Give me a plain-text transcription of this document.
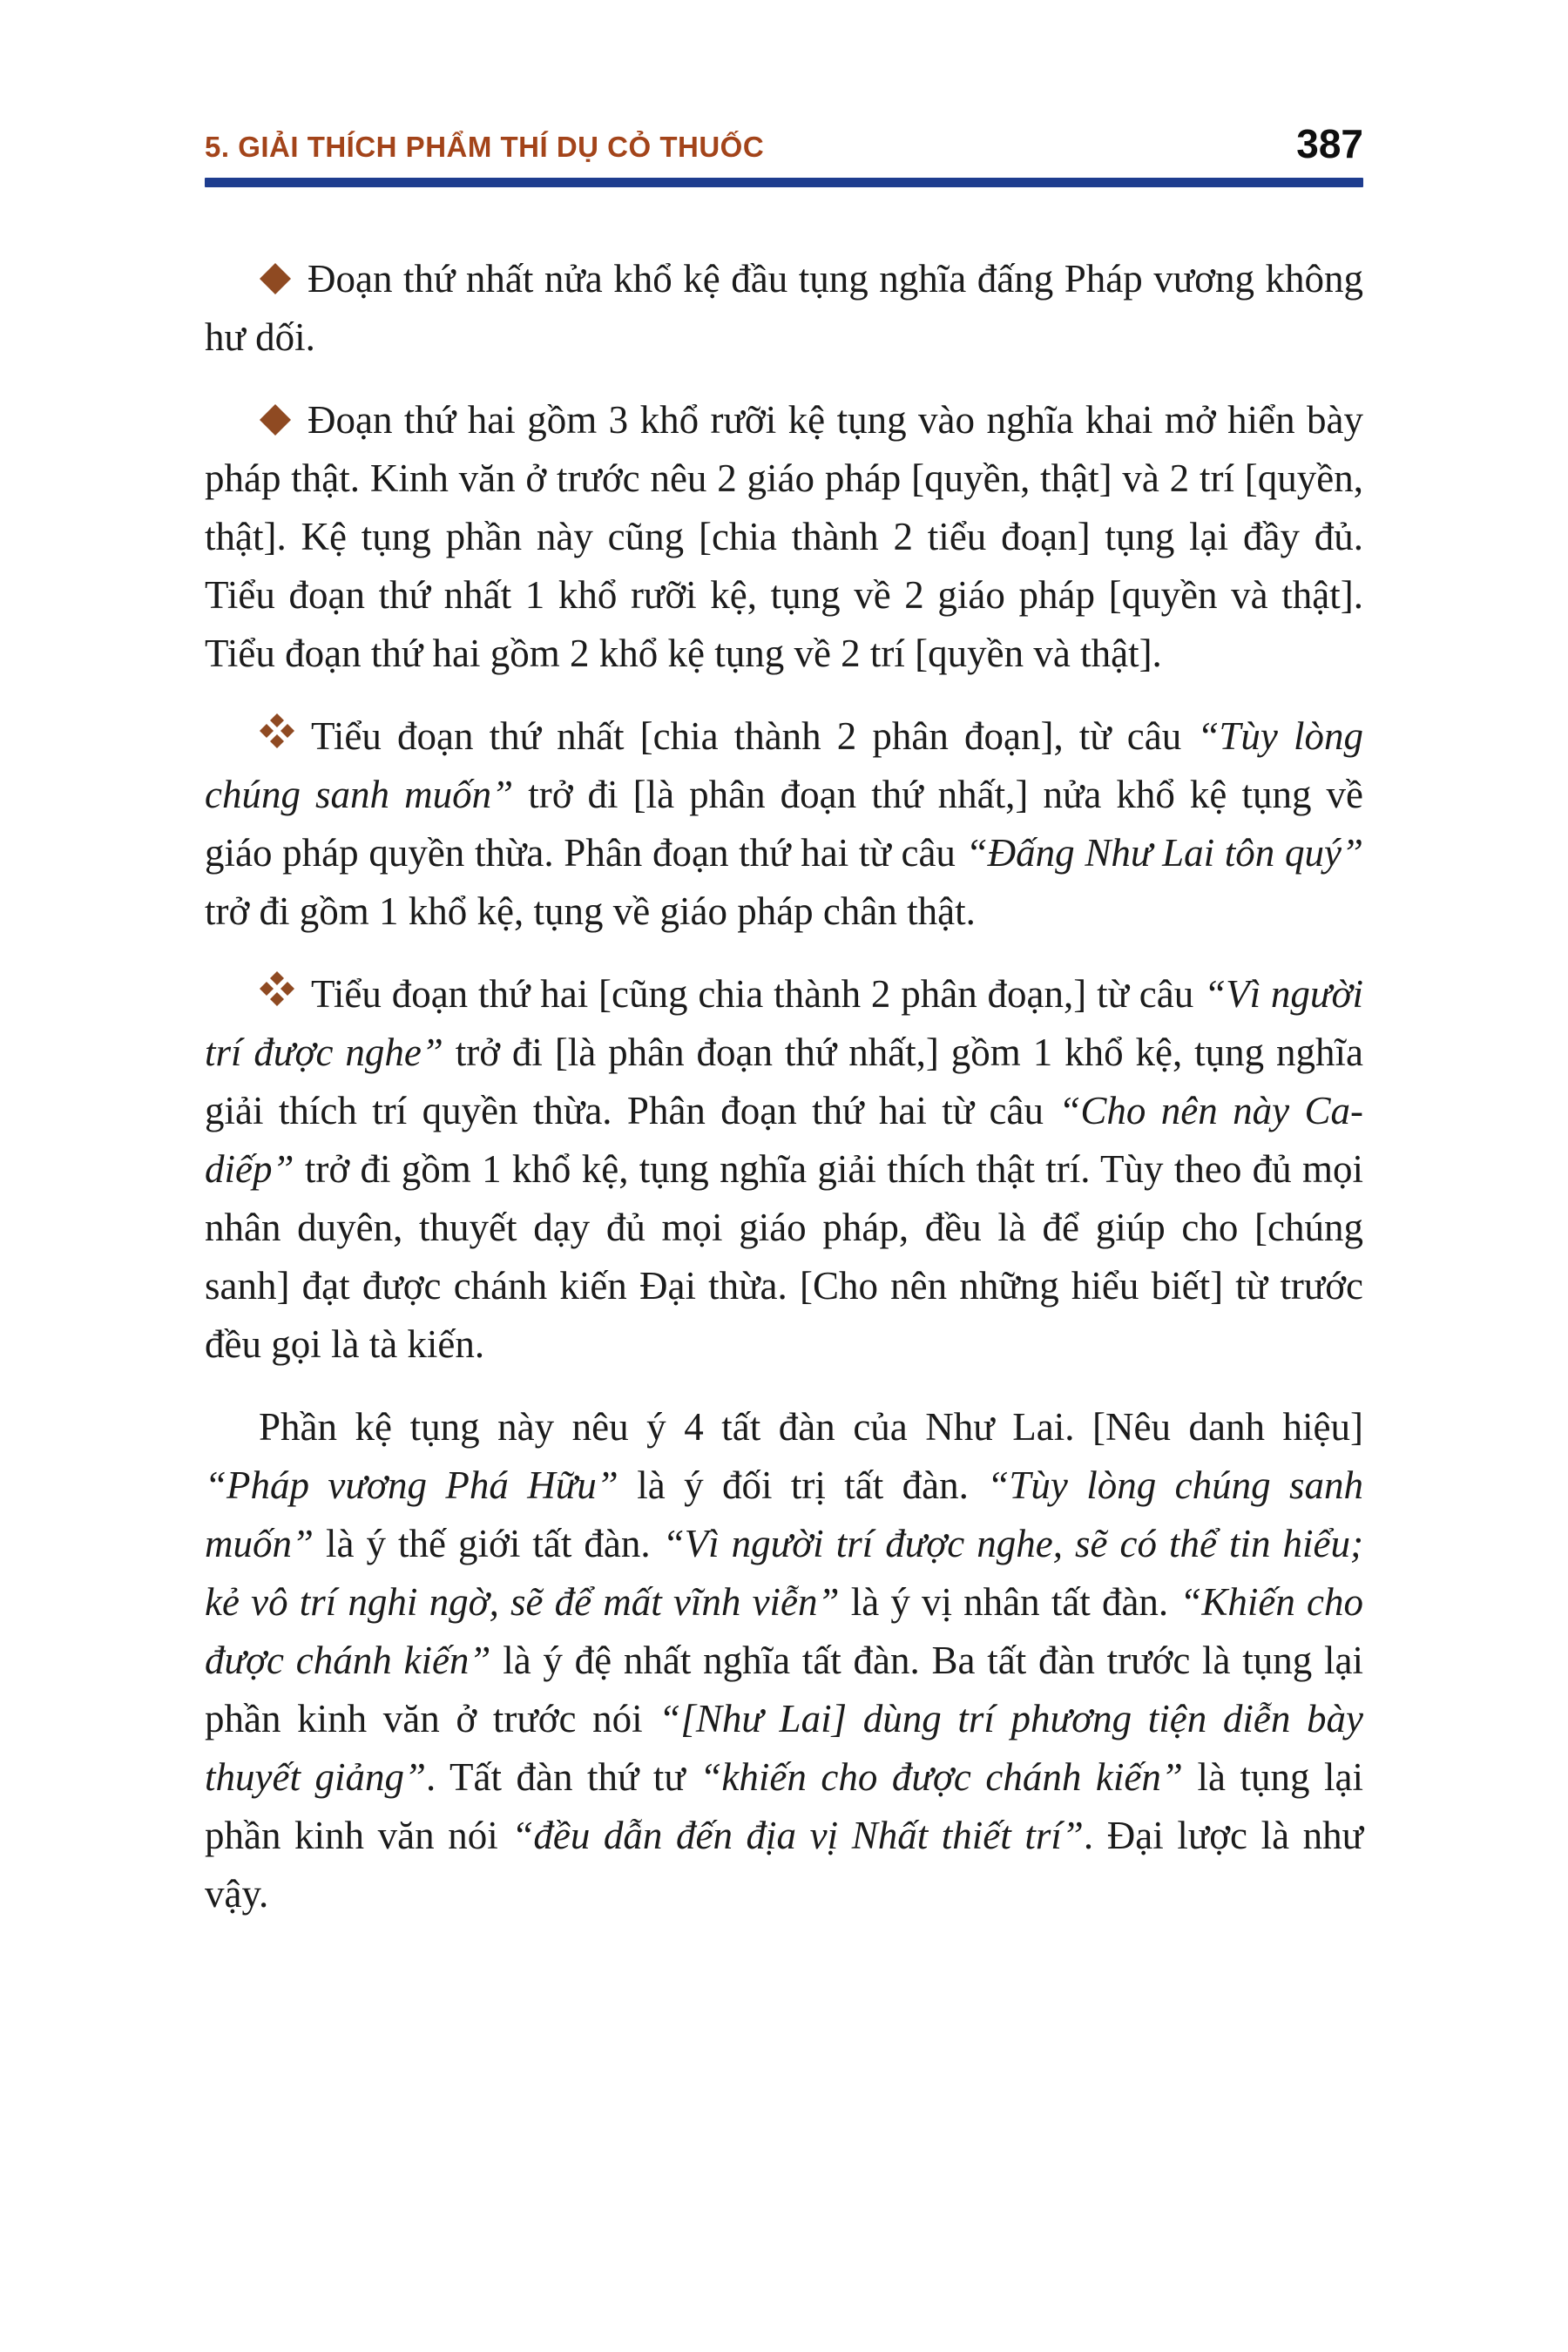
5. GIẢI THÍCH PHẨM THÍ DỤ CỎ THUỐC	387

Đoạn thứ nhất nửa khổ kệ đầu tụng nghĩa đấng Pháp vương không hư dối.

Đoạn thứ hai gồm 3 khổ rưỡi kệ tụng vào nghĩa khai mở hiển bày pháp thật. Kinh văn ở trước nêu 2 giáo pháp [quyền, thật] và 2 trí [quyền, thật]. Kệ tụng phần này cũng [chia thành 2 tiểu đoạn] tụng lại đầy đủ. Tiểu đoạn thứ nhất 1 khổ rưỡi kệ, tụng về 2 giáo pháp [quyền và thật]. Tiểu đoạn thứ hai gồm 2 khổ kệ tụng về 2 trí [quyền và thật].

Tiểu đoạn thứ nhất [chia thành 2 phân đoạn], từ câu “Tùy lòng chúng sanh muốn” trở đi [là phân đoạn thứ nhất,] nửa khổ kệ tụng về giáo pháp quyền thừa. Phân đoạn thứ hai từ câu “Đấng Như Lai tôn quý” trở đi gồm 1 khổ kệ, tụng về giáo pháp chân thật.

Tiểu đoạn thứ hai [cũng chia thành 2 phân đoạn,] từ câu “Vì người trí được nghe” trở đi [là phân đoạn thứ nhất,] gồm 1 khổ kệ, tụng nghĩa giải thích trí quyền thừa. Phân đoạn thứ hai từ câu “Cho nên này Ca-diếp” trở đi gồm 1 khổ kệ, tụng nghĩa giải thích thật trí. Tùy theo đủ mọi nhân duyên, thuyết dạy đủ mọi giáo pháp, đều là để giúp cho [chúng sanh] đạt được chánh kiến Đại thừa. [Cho nên những hiểu biết] từ trước đều gọi là tà kiến.

Phần kệ tụng này nêu ý 4 tất đàn của Như Lai. [Nêu danh hiệu] “Pháp vương Phá Hữu” là ý đối trị tất đàn. “Tùy lòng chúng sanh muốn” là ý thế giới tất đàn. “Vì người trí được nghe, sẽ có thể tin hiểu; kẻ vô trí nghi ngờ, sẽ để mất vĩnh viễn” là ý vị nhân tất đàn. “Khiến cho được chánh kiến” là ý đệ nhất nghĩa tất đàn. Ba tất đàn trước là tụng lại phần kinh văn ở trước nói “[Như Lai] dùng trí phương tiện diễn bày thuyết giảng”. Tất đàn thứ tư “khiến cho được chánh kiến” là tụng lại phần kinh văn nói “đều dẫn đến địa vị Nhất thiết trí”. Đại lược là như vậy.
